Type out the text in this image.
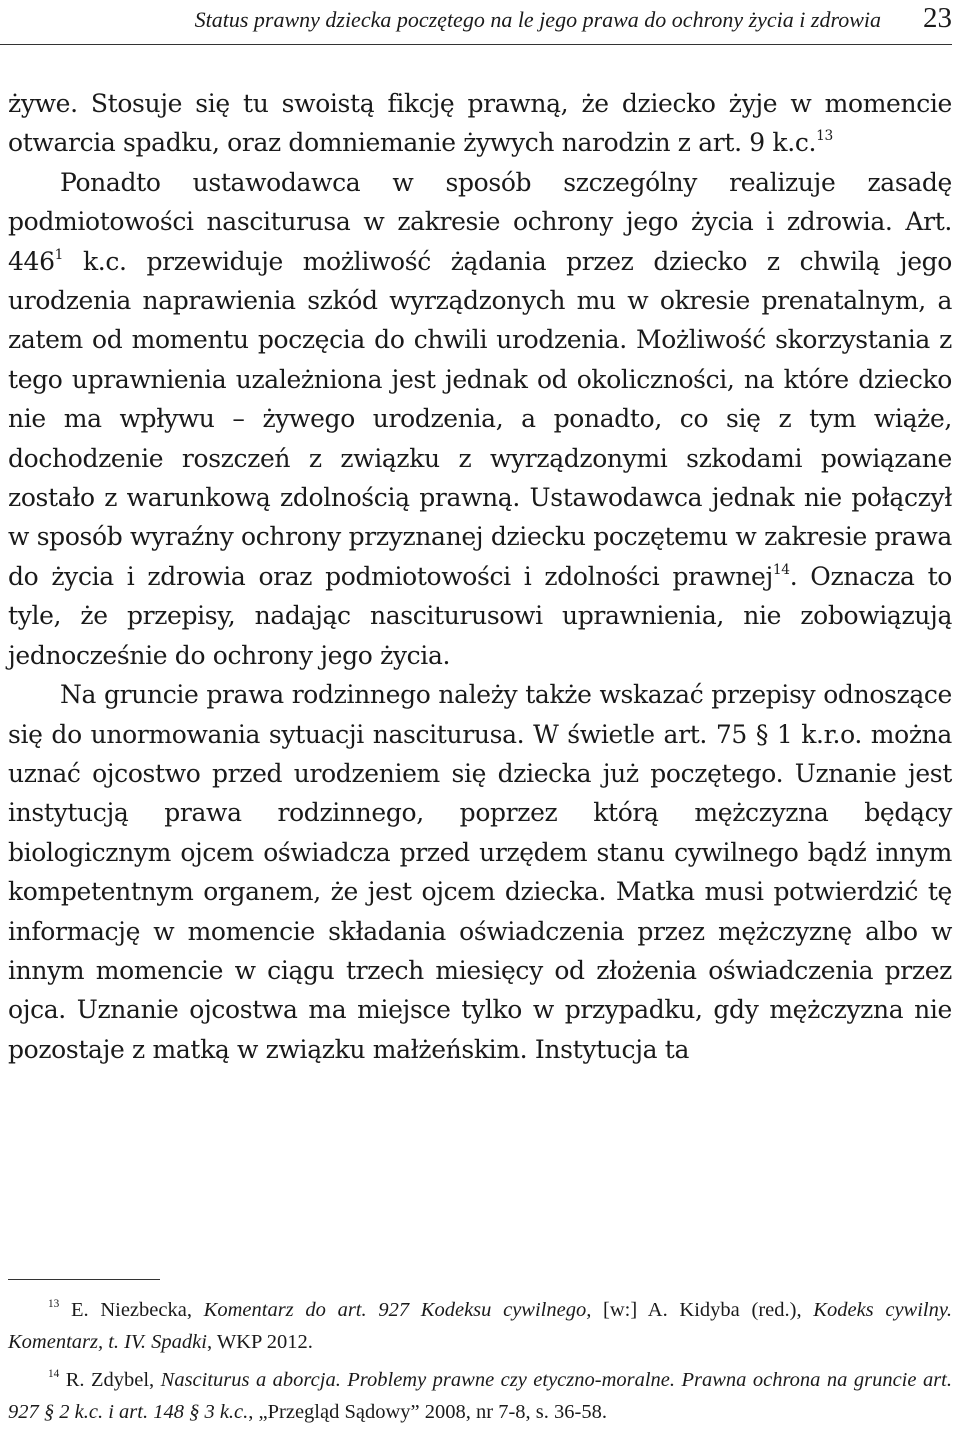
Status prawny dziecka poczętego na le jego prawa do ochrony życia i zdrowia 23

żywe. Stosuje się tu swoistą fikcję prawną, że dziecko żyje w momencie otwarcia spadku, oraz domniemanie żywych narodzin z art. 9 k.c.$^{13}$

Ponadto ustawodawca w sposób szczególny realizuje zasadę podmiotowości nasciturusa w zakresie ochrony jego życia i zdrowia. Art. $446^1$ k.c. przewiduje możliwość żądania przez dziecko z chwilą jego urodzenia naprawienia szkód wyrządzonych mu w okresie prenatalnym, a zatem od momentu poczęcia do chwili urodzenia. Możliwość skorzystania z tego uprawnienia uzależniona jest jednak od okoliczności, na które dziecko nie ma wpływu – żywego urodzenia, a ponadto, co się z tym wiąże, dochodzenie roszczeń z związku z wyrządzonymi szkodami powiązane zostało z warunkową zdolnością prawną. Ustawodawca jednak nie połączył w sposób wyraźny ochrony przyznanej dziecku poczętemu w zakresie prawa do życia i zdrowia oraz podmiotowości i zdolności prawnej$^{14}$. Oznacza to tyle, że przepisy, nadając nasciturusowi uprawnienia, nie zobowiązują jednocześnie do ochrony jego życia.

Na gruncie prawa rodzinnego należy także wskazać przepisy odnoszące się do unormowania sytuacji nasciturusa. W świetle art. 75 § 1 k.r.o. można uznać ojcostwo przed urodzeniem się dziecka już poczętego. Uznanie jest instytucją prawa rodzinnego, poprzez którą mężczyzna będący biologicznym ojcem oświadcza przed urzędem stanu cywilnego bądź innym kompetentnym organem, że jest ojcem dziecka. Matka musi potwierdzić tę informację w momencie składania oświadczenia przez mężczyznę albo w innym momencie w ciągu trzech miesięcy od złożenia oświadczenia przez ojca. Uznanie ojcostwa ma miejsce tylko w przypadku, gdy mężczyzna nie pozostaje z matką w związku małżeńskim. Instytucja ta

$^{13}$ E. Niezbecka, Komentarz do art. 927 Kodeksu cywilnego, [w:] A. Kidyba (red.), Kodeks cywilny. Komentarz, t. IV. Spadki, WKP 2012.

$^{14}$ R. Zdybel, Nasciturus a aborcja. Problemy prawne czy etyczno-moralne. Prawna ochrona na gruncie art. 927 § 2 k.c. i art. 148 § 3 k.c., „Przegląd Sądowy” 2008, nr 7-8, s. 36-58.
